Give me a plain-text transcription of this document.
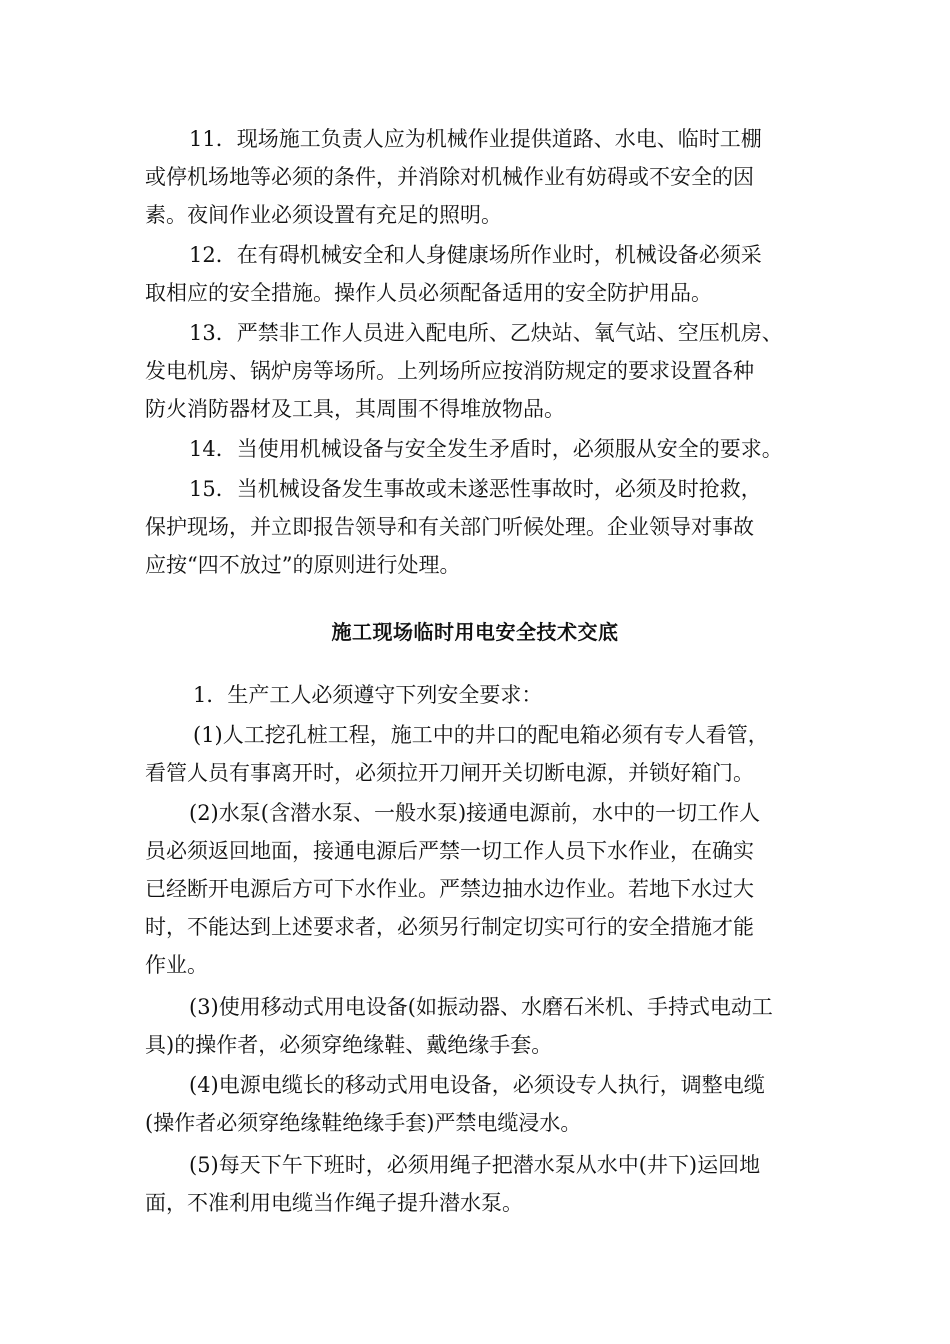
11．现场施工负责人应为机械作业提供道路、水电、临时工棚
或停机场地等必须的条件，并消除对机械作业有妨碍或不安全的因
素。夜间作业必须设置有充足的照明。
12．在有碍机械安全和人身健康场所作业时，机械设备必须采
取相应的安全措施。操作人员必须配备适用的安全防护用品。
13．严禁非工作人员进入配电所、乙炔站、氧气站、空压机房、
发电机房、锅炉房等场所。上列场所应按消防规定的要求设置各种
防火消防器材及工具，其周围不得堆放物品。
14．当使用机械设备与安全发生矛盾时，必须服从安全的要求。
15．当机械设备发生事故或未遂恶性事故时，必须及时抢救，
保护现场，并立即报告领导和有关部门听候处理。企业领导对事故
应按“四不放过”的原则进行处理。
施工现场临时用电安全技术交底
1．生产工人必须遵守下列安全要求：
(1)人工挖孔桩工程，施工中的井口的配电箱必须有专人看管，
看管人员有事离开时，必须拉开刀闸开关切断电源，并锁好箱门。
(2)水泵(含潜水泵、一般水泵)接通电源前，水中的一切工作人
员必须返回地面，接通电源后严禁一切工作人员下水作业，在确实
已经断开电源后方可下水作业。严禁边抽水边作业。若地下水过大
时，不能达到上述要求者，必须另行制定切实可行的安全措施才能
作业。
(3)使用移动式用电设备(如振动器、水磨石米机、手持式电动工
具)的操作者，必须穿绝缘鞋、戴绝缘手套。
(4)电源电缆长的移动式用电设备，必须设专人执行，调整电缆
(操作者必须穿绝缘鞋绝缘手套)严禁电缆浸水。
(5)每天下午下班时，必须用绳子把潜水泵从水中(井下)运回地
面，不准利用电缆当作绳子提升潜水泵。
